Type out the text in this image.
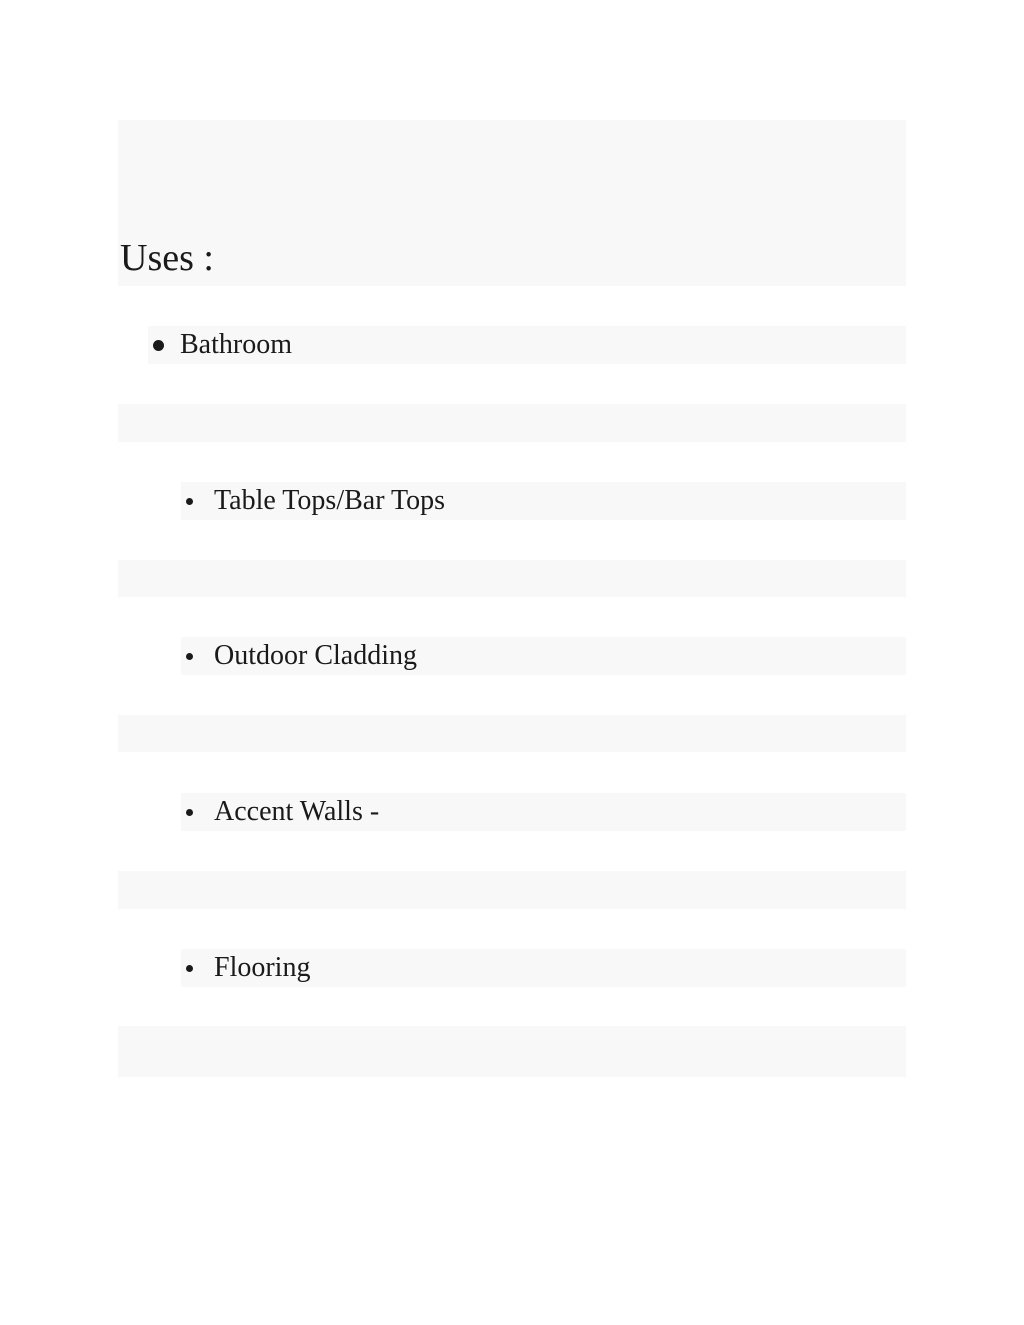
Uses :
Bathroom
Table Tops/Bar Tops
Outdoor Cladding
Accent Walls -
Flooring
